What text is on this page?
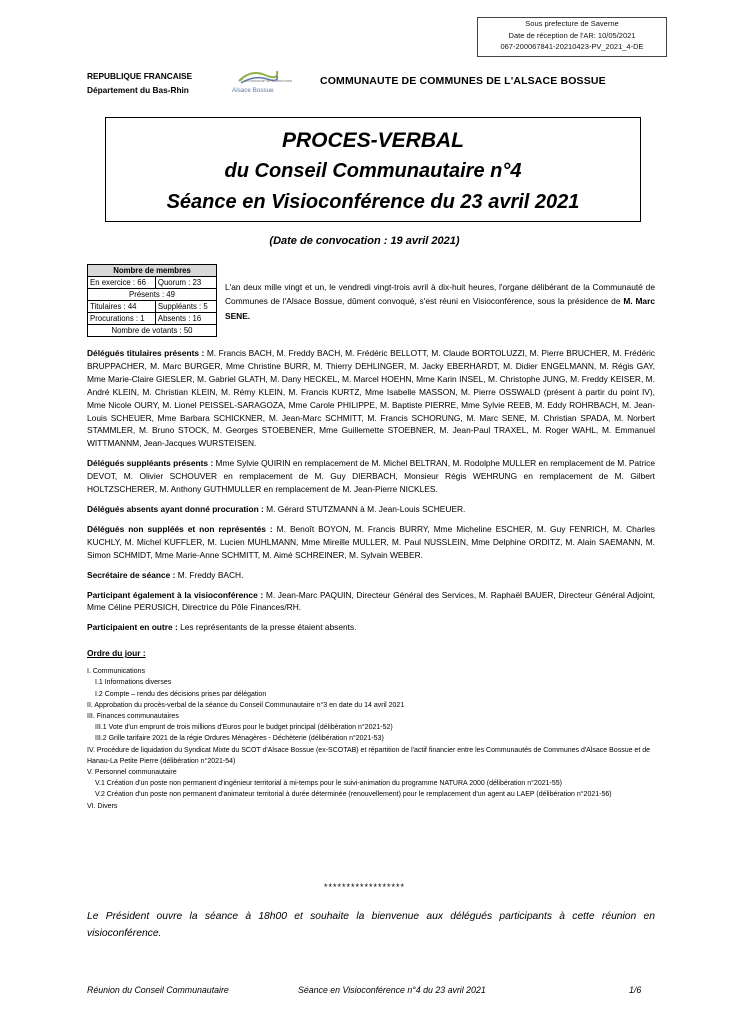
Sous prefecture de Saverne
Date de réception de l'AR: 10/05/2021
067-200067841-20210423-PV_2021_4-DE
REPUBLIQUE FRANCAISE
Département du Bas-Rhin
Communauté de Communes
Alsace Bossue
COMMUNAUTE DE COMMUNES DE L'ALSACE BOSSUE
PROCES-VERBAL
du Conseil Communautaire n°4
Séance en Visioconférence du 23 avril 2021
(Date de convocation : 19 avril 2021)
Nombre de membres	
En exercice : 66	Quorum : 23
Présents : 49	
Titulaires : 44	Suppléants : 5
Procurations : 1	Absents : 16
Nombre de votants : 50	
L'an deux mille vingt et un, le vendredi vingt-trois avril à dix-huit heures, l'organe délibérant de la Communauté de Communes de l'Alsace Bossue, dûment convoqué, s'est réuni en Visioconférence, sous la présidence de M. Marc SENE.

Délégués titulaires présents : M. Francis BACH, M. Freddy BACH, M. Frédéric BELLOTT, M. Claude BORTOLUZZI, M. Pierre BRUCHER, M. Frédéric BRUPPACHER, M. Marc BURGER, Mme Christine BURR, M. Thierry DEHLINGER, M. Jacky EBERHARDT, M. Didier ENGELMANN, M. Régis GAY, Mme Marie-Claire GIESLER, M. Gabriel GLATH, M. Dany HECKEL, M. Marcel HOEHN, Mme Karin INSEL, M. Christophe JUNG, M. Freddy KEISER, M. André KLEIN, M. Christian KLEIN, M. Rémy KLEIN, M. Francis KURTZ, Mme Isabelle MASSON, M. Pierre OSSWALD (présent à partir du point IV), Mme Nicole OURY, M. Lionel PEISSEL-SARAGOZA, Mme Carole PHILIPPE, M. Baptiste PIERRE, Mme Sylvie REEB, M. Eddy ROHRBACH, M. Jean-Louis SCHEUER, Mme Barbara SCHICKNER, M. Jean-Marc SCHMITT, M. Francis SCHORUNG, M. Marc SENE, M. Christian SPADA, M. Norbert STAMMLER, M. Bruno STOCK, M. Georges STOEBENER, Mme Guillemette STOEBNER, M. Jean-Paul TRAXEL, M. Roger WAHL, M. Emmanuel WITTMANNM, Jean-Jacques WURSTEISEN.

Délégués suppléants présents : Mme Sylvie QUIRIN en remplacement de M. Michel BELTRAN, M. Rodolphe MULLER en remplacement de M. Patrice DEVOT, M. Olivier SCHOUVER en remplacement de M. Guy DIERBACH, Monsieur Régis WEHRUNG en remplacement de M. Gilbert HOLTZSCHERER, M. Anthony GUTHMULLER en remplacement de M. Jean-Pierre NICKLES.

Délégués absents ayant donné procuration : M. Gérard STUTZMANN à M. Jean-Louis SCHEUER.

Délégués non suppléés et non représentés : M. Benoît BOYON, M. Francis BURRY, Mme Micheline ESCHER, M. Guy FENRICH, M. Charles KUCHLY, M. Michel KUFFLER, M. Lucien MUHLMANN, Mme Mireille MULLER, M. Paul NUSSLEIN, Mme Delphine ORDITZ, M. Alain SAEMANN, M. Simon SCHMIDT, Mme Marie-Anne SCHMITT, M. Aimé SCHREINER, M. Sylvain WEBER.

Secrétaire de séance : M. Freddy BACH.

Participant également à la visioconférence : M. Jean-Marc PAQUIN, Directeur Général des Services, M. Raphaël BAUER, Directeur Général Adjoint, Mme Céline PERUSICH, Directrice du Pôle Finances/RH.

Participaient en outre : Les représentants de la presse étaient absents.

Ordre du jour :
I. Communications
I.1 Informations diverses
I.2 Compte – rendu des décisions prises par délégation
II. Approbation du procès-verbal de la séance du Conseil Communautaire n°3 en date du 14 avril 2021
III. Finances communautaires
III.1 Vote d'un emprunt de trois millions d'Euros pour le budget principal (délibération n°2021-52)
III.2 Grille tarifaire 2021 de la régie Ordures Ménagères - Déchèterie (délibération n°2021-53)
IV. Procédure de liquidation du Syndicat Mixte du SCOT d'Alsace Bossue (ex-SCOTAB) et répartition de l'actif financier entre les Communautés de Communes d'Alsace Bossue et de Hanau-La Petite Pierre (délibération n°2021-54)
V. Personnel communautaire
V.1 Création d'un poste non permanent d'ingénieur territorial à mi-temps pour le suivi-animation du programme NATURA 2000 (délibération n°2021-55)
V.2 Création d'un poste non permanent d'animateur territorial à durée déterminée (renouvellement) pour le remplacement d'un agent au LAEP (délibération n°2021-56)
VI. Divers
******************
Le Président ouvre la séance à 18h00 et souhaite la bienvenue aux délégués participants à cette réunion en visioconférence.
Réunion du Conseil Communautaire	Séance en Visioconférence n°4 du 23 avril 2021	1/6
